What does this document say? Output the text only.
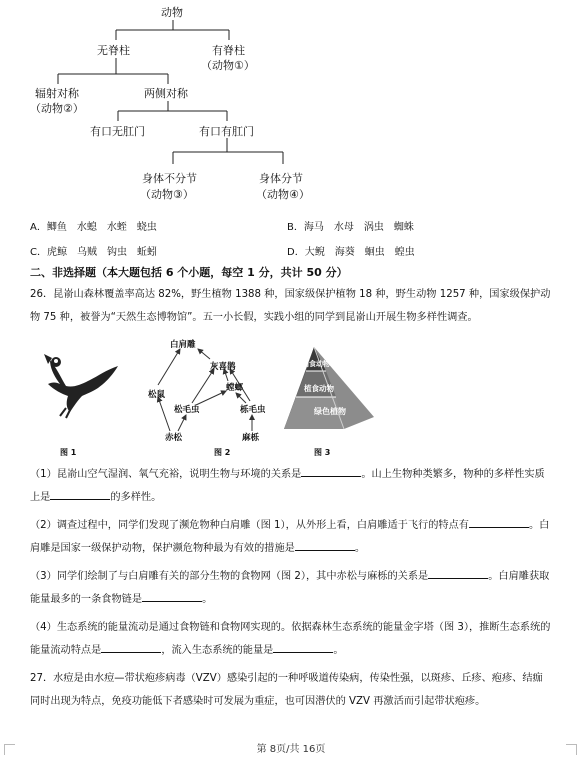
动物
无脊柱	有脊柱
（动物①）
辐射对称
（动物②）
两侧对称
有口无肛门	有口有肛门
身体不分节
（动物③）
身体分节
（动物④）
A．鲫鱼　水螅　水蛭　蛲虫	B．海马　水母　涡虫　蜘蛛
C．虎鲸　乌贼　钩虫　蚯蚓	D．大鲵　海葵　蛔虫　蝗虫
二、非选择题（本大题包括 6 个小题，每空 1 分，共计 50 分）
26．昆嵛山森林覆盖率高达 82%，野生植物 1388 种，国家级保护植物 18 种，野生动物 1257 种，国家级保护动物 75 种，被誉为“天然生态博物馆”。五一小长假，实践小组的同学到昆嵛山开展生物多样性调查。
图 1
白肩雕
灰喜鹊
螳螂
松鼠
松毛虫	栎毛虫
赤松	麻栎
图 2
肉食动物
植食动物
绿色植物
图 3
（1）昆嵛山空气湿润、氧气充裕，说明生物与环境的关系是	。山上生物种类繁多，物种的多样性实质上是	的多样性。
（2）调查过程中，同学们发现了濒危物种白肩雕（图 1），从外形上看，白肩雕适于飞行的特点有	。白肩雕是国家一级保护动物，保护濒危物种最为有效的措施是	。
（3）同学们绘制了与白肩雕有关的部分生物的食物网（图 2），其中赤松与麻栎的关系是	。白肩雕获取能量最多的一条食物链是	。
（4）生态系统的能量流动是通过食物链和食物网实现的。依据森林生态系统的能量金字塔（图 3），推断生态系统的能量流动特点是	，流入生态系统的能量是	。
27．水痘是由水痘—带状疱疹病毒（VZV）感染引起的一种呼吸道传染病，传染性强，以斑疹、丘疹、疱疹、结痂同时出现为特点，免疫功能低下者感染时可发展为重症，也可因潜伏的 VZV 再激活而引起带状疱疹。
第 8页/共 16页
